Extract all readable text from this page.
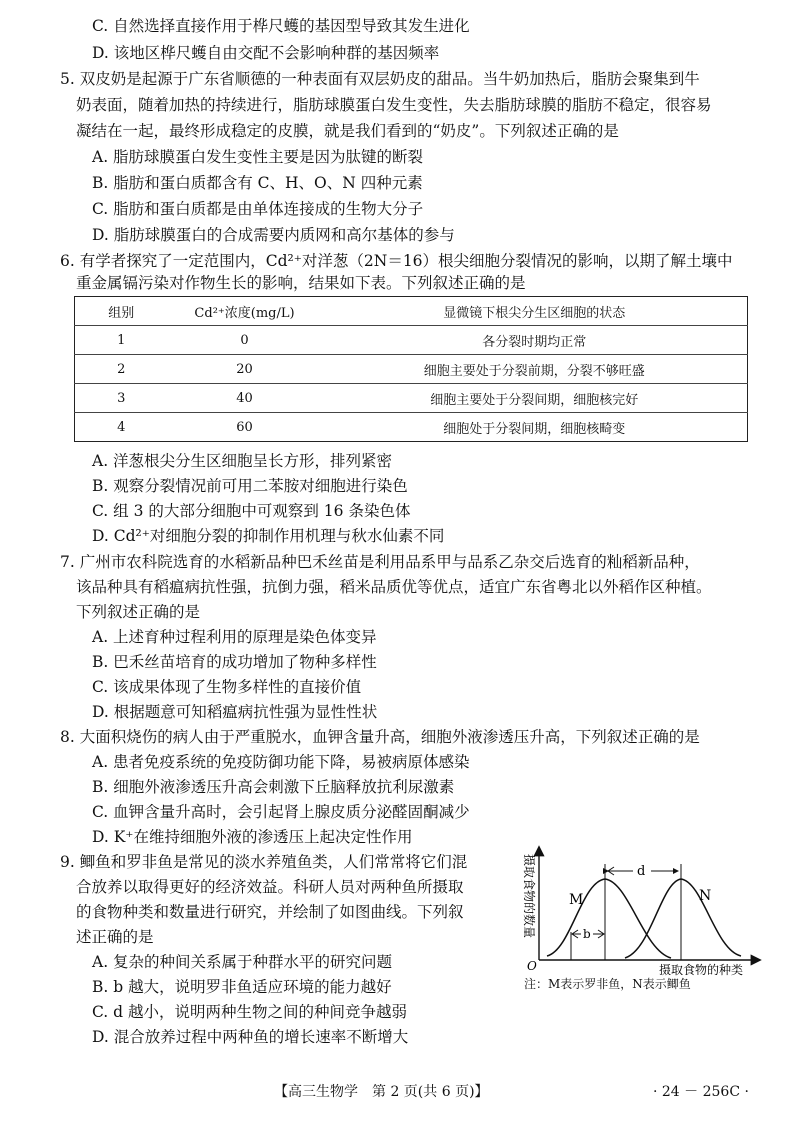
C. 自然选择直接作用于桦尺蠖的基因型导致其发生进化
D. 该地区桦尺蠖自由交配不会影响种群的基因频率
5. 双皮奶是起源于广东省顺德的一种表面有双层奶皮的甜品。当牛奶加热后，脂肪会聚集到牛
奶表面，随着加热的持续进行，脂肪球膜蛋白发生变性，失去脂肪球膜的脂肪不稳定，很容易
凝结在一起，最终形成稳定的皮膜，就是我们看到的“奶皮”。下列叙述正确的是
A. 脂肪球膜蛋白发生变性主要是因为肽键的断裂
B. 脂肪和蛋白质都含有 C、H、O、N 四种元素
C. 脂肪和蛋白质都是由单体连接成的生物大分子
D. 脂肪球膜蛋白的合成需要内质网和高尔基体的参与
6. 有学者探究了一定范围内，Cd²⁺对洋葱（2N＝16）根尖细胞分裂情况的影响，以期了解土壤中
重金属镉污染对作物生长的影响，结果如下表。下列叙述正确的是
组别	Cd²⁺浓度(mg/L)	显微镜下根尖分生区细胞的状态
1	0	各分裂时期均正常
2	20	细胞主要处于分裂前期，分裂不够旺盛
3	40	细胞主要处于分裂间期，细胞核完好
4	60	细胞处于分裂间期，细胞核畸变
A. 洋葱根尖分生区细胞呈长方形，排列紧密
B. 观察分裂情况前可用二苯胺对细胞进行染色
C. 组 3 的大部分细胞中可观察到 16 条染色体
D. Cd²⁺对细胞分裂的抑制作用机理与秋水仙素不同
7. 广州市农科院选育的水稻新品种巴禾丝苗是利用品系甲与品系乙杂交后选育的籼稻新品种，
该品种具有稻瘟病抗性强，抗倒力强，稻米品质优等优点，适宜广东省粤北以外稻作区种植。
下列叙述正确的是
A. 上述育种过程利用的原理是染色体变异
B. 巴禾丝苗培育的成功增加了物种多样性
C. 该成果体现了生物多样性的直接价值
D. 根据题意可知稻瘟病抗性强为显性性状
8. 大面积烧伤的病人由于严重脱水，血钾含量升高，细胞外液渗透压升高，下列叙述正确的是
A. 患者免疫系统的免疫防御功能下降，易被病原体感染
B. 细胞外液渗透压升高会刺激下丘脑释放抗利尿激素
C. 血钾含量升高时，会引起肾上腺皮质分泌醛固酮减少
D. K⁺在维持细胞外液的渗透压上起决定性作用
9. 鲫鱼和罗非鱼是常见的淡水养殖鱼类，人们常常将它们混
合放养以取得更好的经济效益。科研人员对两种鱼所摄取
的食物种类和数量进行研究，并绘制了如图曲线。下列叙
述正确的是
A. 复杂的种间关系属于种群水平的研究问题
B. b 越大，说明罗非鱼适应环境的能力越好
C. d 越小，说明两种生物之间的种间竞争越弱
D. 混合放养过程中两种鱼的增长速率不断增大
d
b
M	N
O	摄取食物的种类
摄取食物的数量
注：M表示罗非鱼，N表示鲫鱼
【高三生物学　第 2 页(共 6 页)】	· 24 － 256C ·
